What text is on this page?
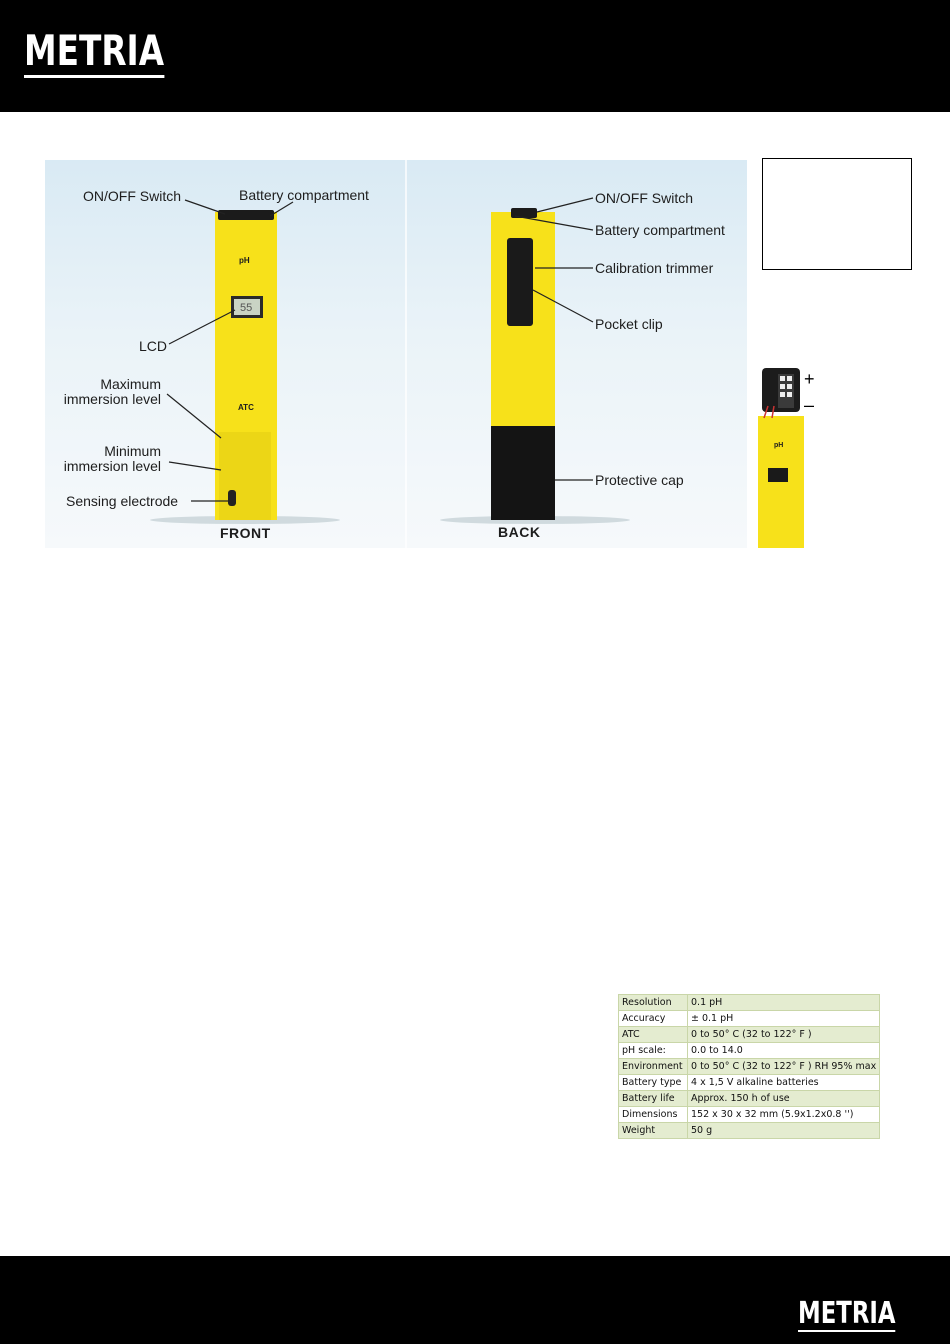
METRIA
pH
ATC
55
ON/OFF Switch	Battery compartment
LCD
Maximum
immersion level
Minimum
immersion level
Sensing electrode
FRONT
ON/OFF Switch
Battery compartment
Calibration trimmer
Pocket clip
Protective cap
BACK
+
–
pH
Resolution	0.1 pH
Accuracy	± 0.1 pH
ATC	0 to 50° C (32 to 122° F )
pH scale:	0.0 to 14.0
Environment	0 to 50° C (32 to 122° F ) RH 95% max
Battery type	4 x 1,5 V alkaline batteries
Battery life	Approx. 150 h of use
Dimensions	152 x 30 x 32 mm (5.9x1.2x0.8 '')
Weight	50 g
METRIA
